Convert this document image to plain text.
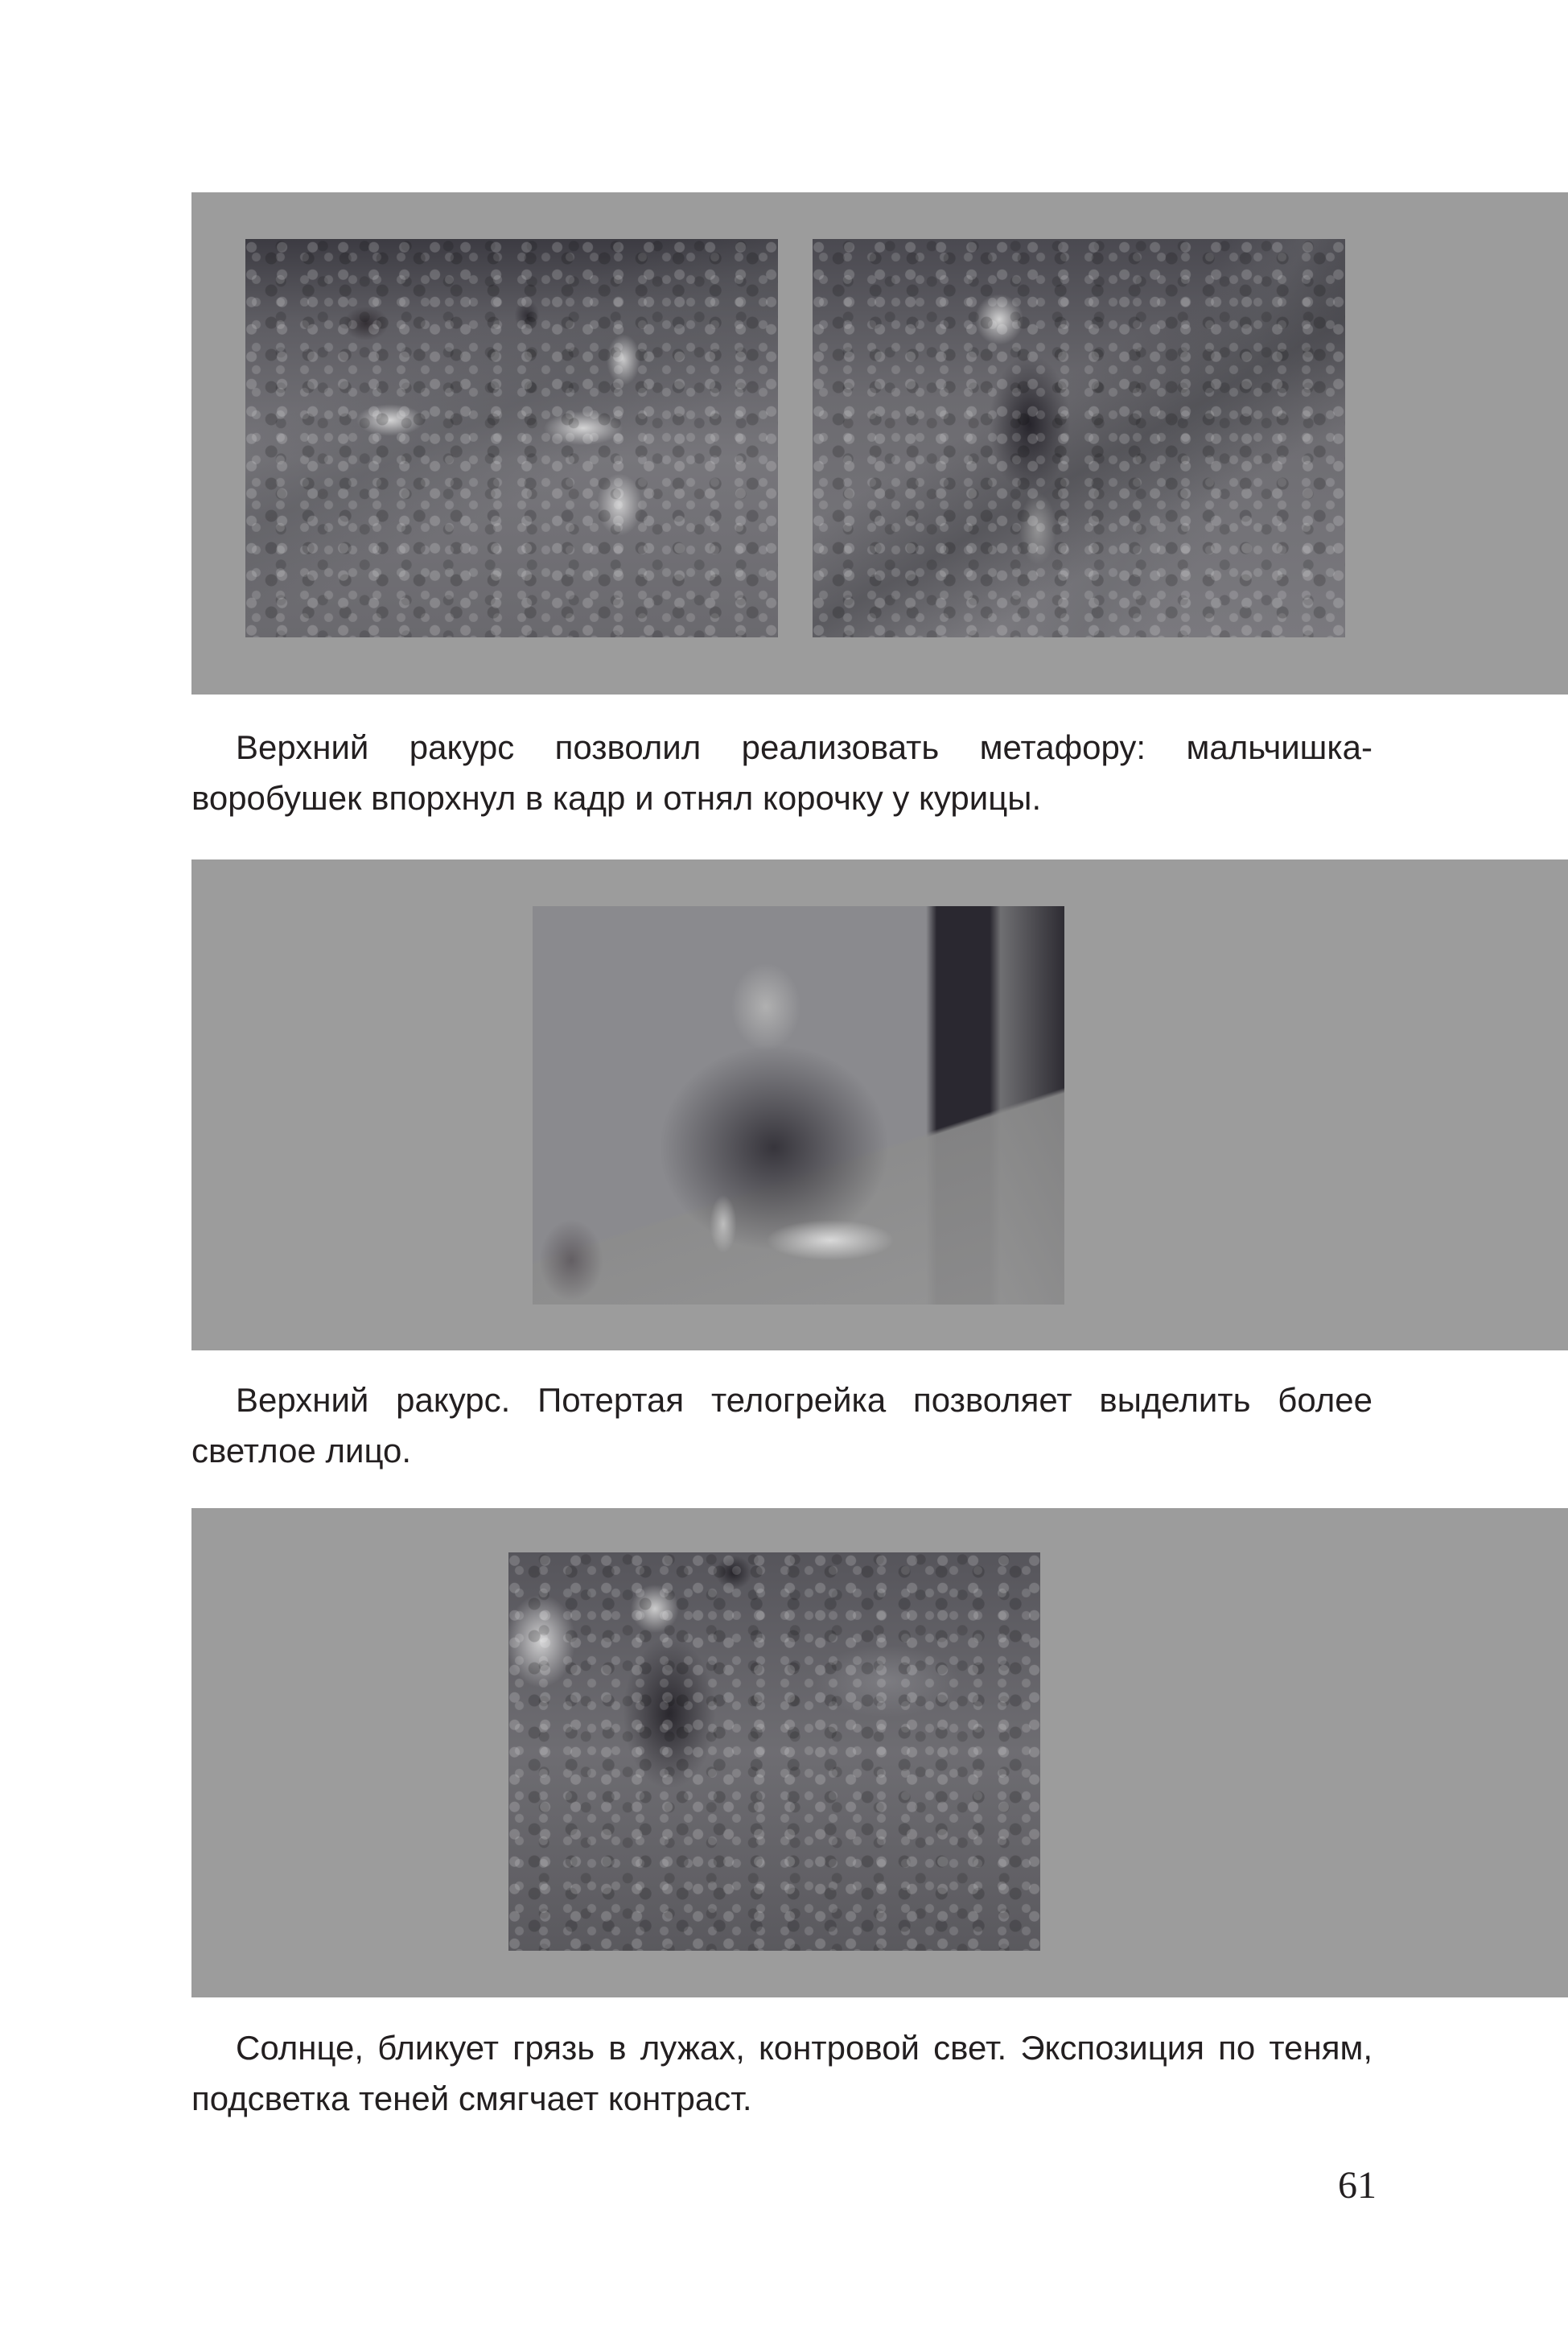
Верхний ракурс позволил реализовать метафору: мальчишка-воробушек впорхнул в кадр и отнял корочку у курицы.

Верхний ракурс. Потертая телогрейка позволяет выделить более светлое лицо.

Солнце, бликует грязь в лужах, контровой свет. Экспозиция по теням, подсветка теней смягчает контраст.

61
